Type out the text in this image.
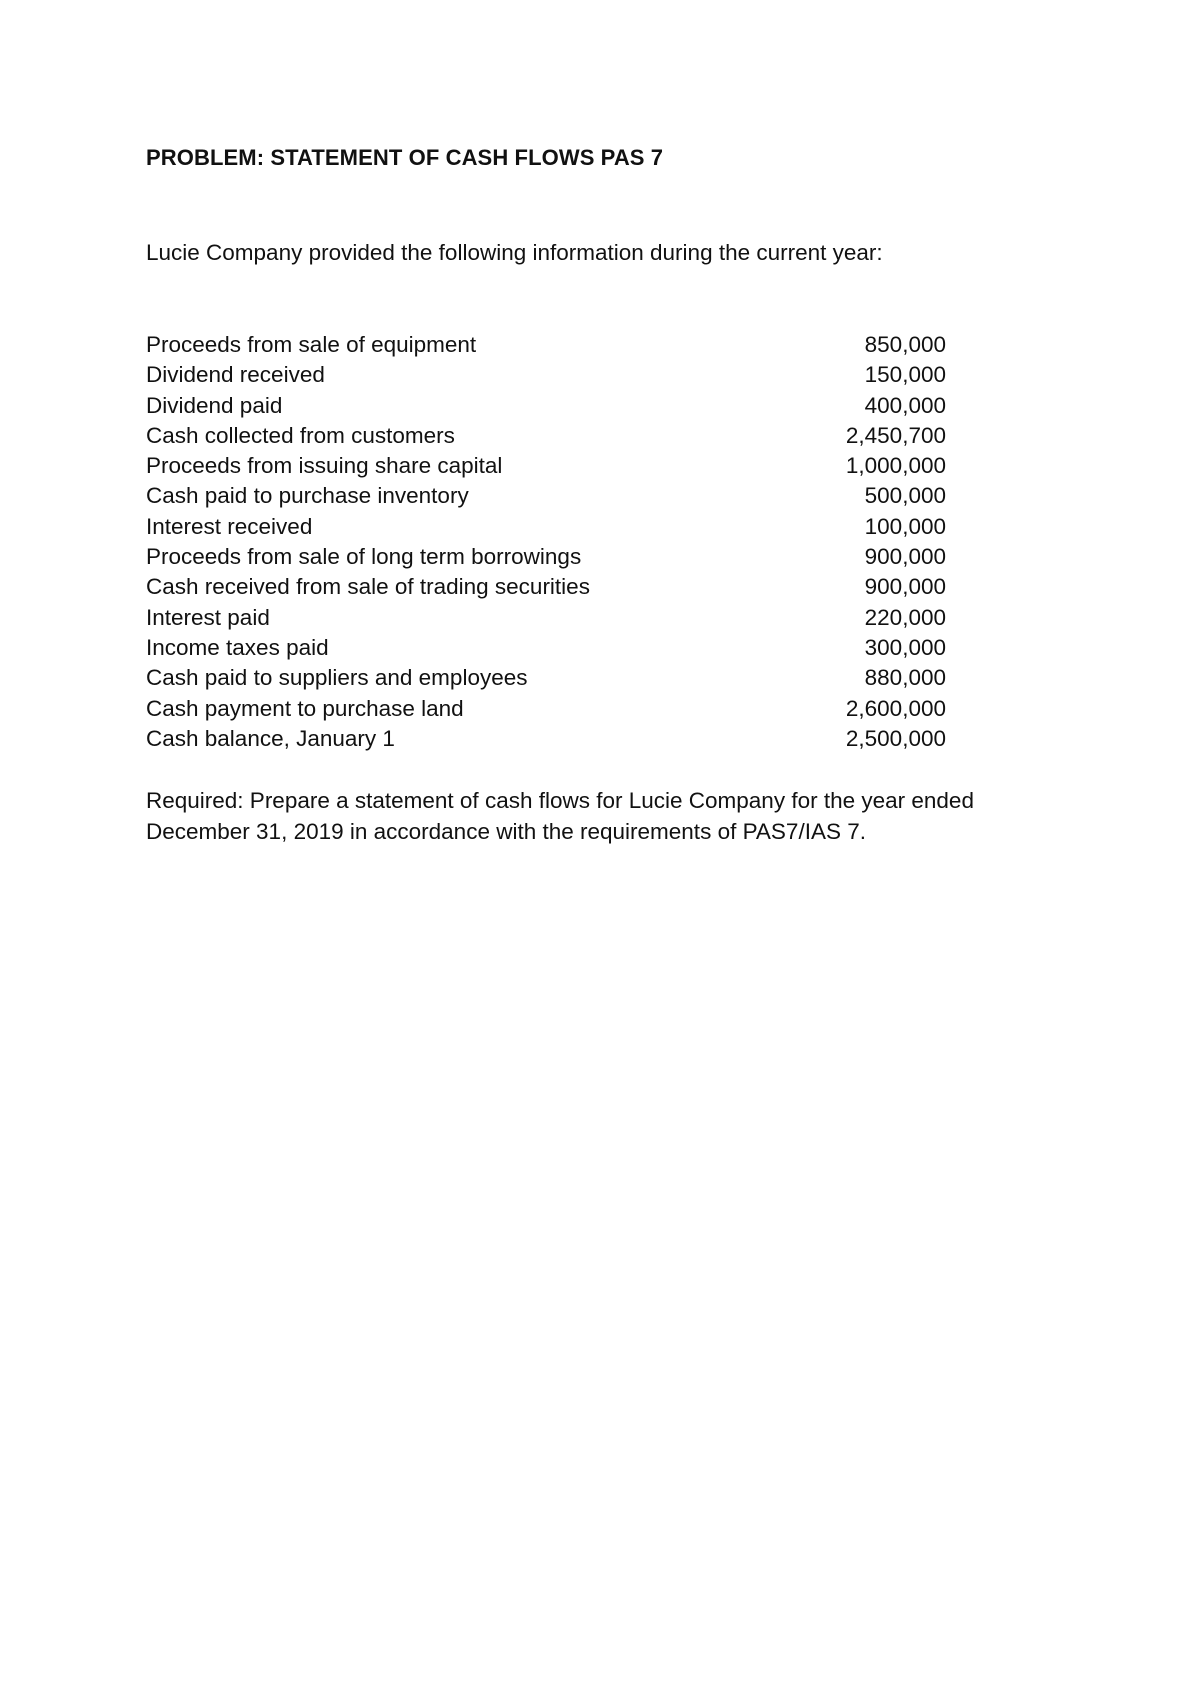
PROBLEM: STATEMENT OF CASH FLOWS PAS 7
Lucie Company provided the following information during the current year:
Proceeds from sale of equipment	850,000
Dividend received	150,000
Dividend paid	400,000
Cash collected from customers	2,450,700
Proceeds from issuing share capital	1,000,000
Cash paid to purchase inventory	500,000
Interest received	100,000
Proceeds from sale of long term borrowings	900,000
Cash received from sale of trading securities	900,000
Interest paid	220,000
Income taxes paid	300,000
Cash paid to suppliers and employees	880,000
Cash payment to purchase land	2,600,000
Cash balance, January 1	2,500,000
Required: Prepare a statement of cash flows for Lucie Company for the year ended
December 31, 2019 in accordance with the requirements of PAS7/IAS 7.
